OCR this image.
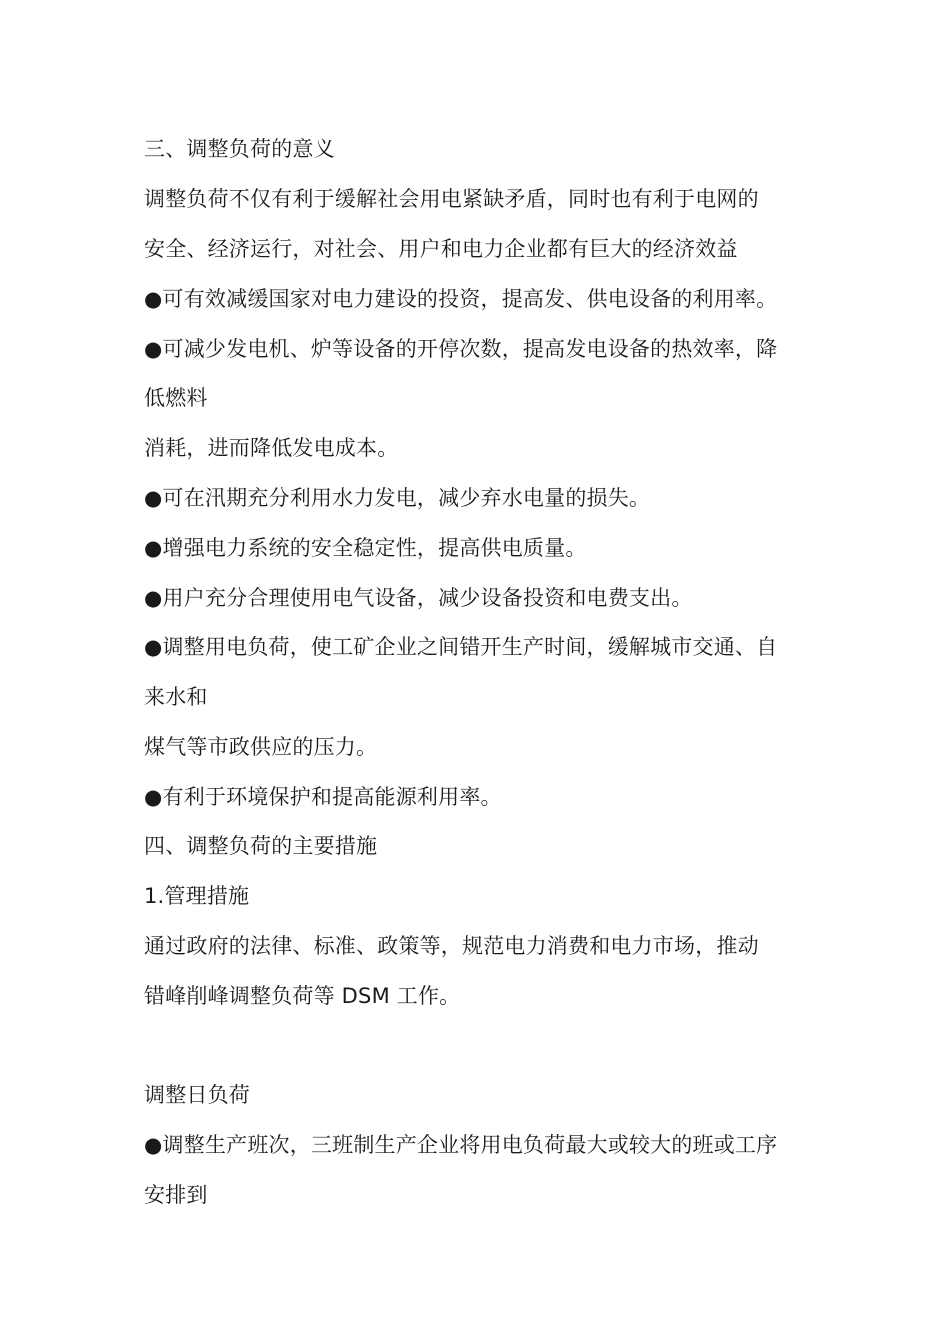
三、调整负荷的意义
调整负荷不仅有利于缓解社会用电紧缺矛盾，同时也有利于电网的
安全、经济运行，对社会、用户和电力企业都有巨大的经济效益
●可有效减缓国家对电力建设的投资，提高发、供电设备的利用率。
●可减少发电机、炉等设备的开停次数，提高发电设备的热效率，降
低燃料
消耗，进而降低发电成本。
●可在汛期充分利用水力发电，减少弃水电量的损失。
●增强电力系统的安全稳定性，提高供电质量。
●用户充分合理使用电气设备，减少设备投资和电费支出。
●调整用电负荷，使工矿企业之间错开生产时间，缓解城市交通、自
来水和
煤气等市政供应的压力。
●有利于环境保护和提高能源利用率。
四、调整负荷的主要措施
1.管理措施
通过政府的法律、标准、政策等，规范电力消费和电力市场，推动
错峰削峰调整负荷等 DSM 工作。
调整日负荷
●调整生产班次，三班制生产企业将用电负荷最大或较大的班或工序
安排到
